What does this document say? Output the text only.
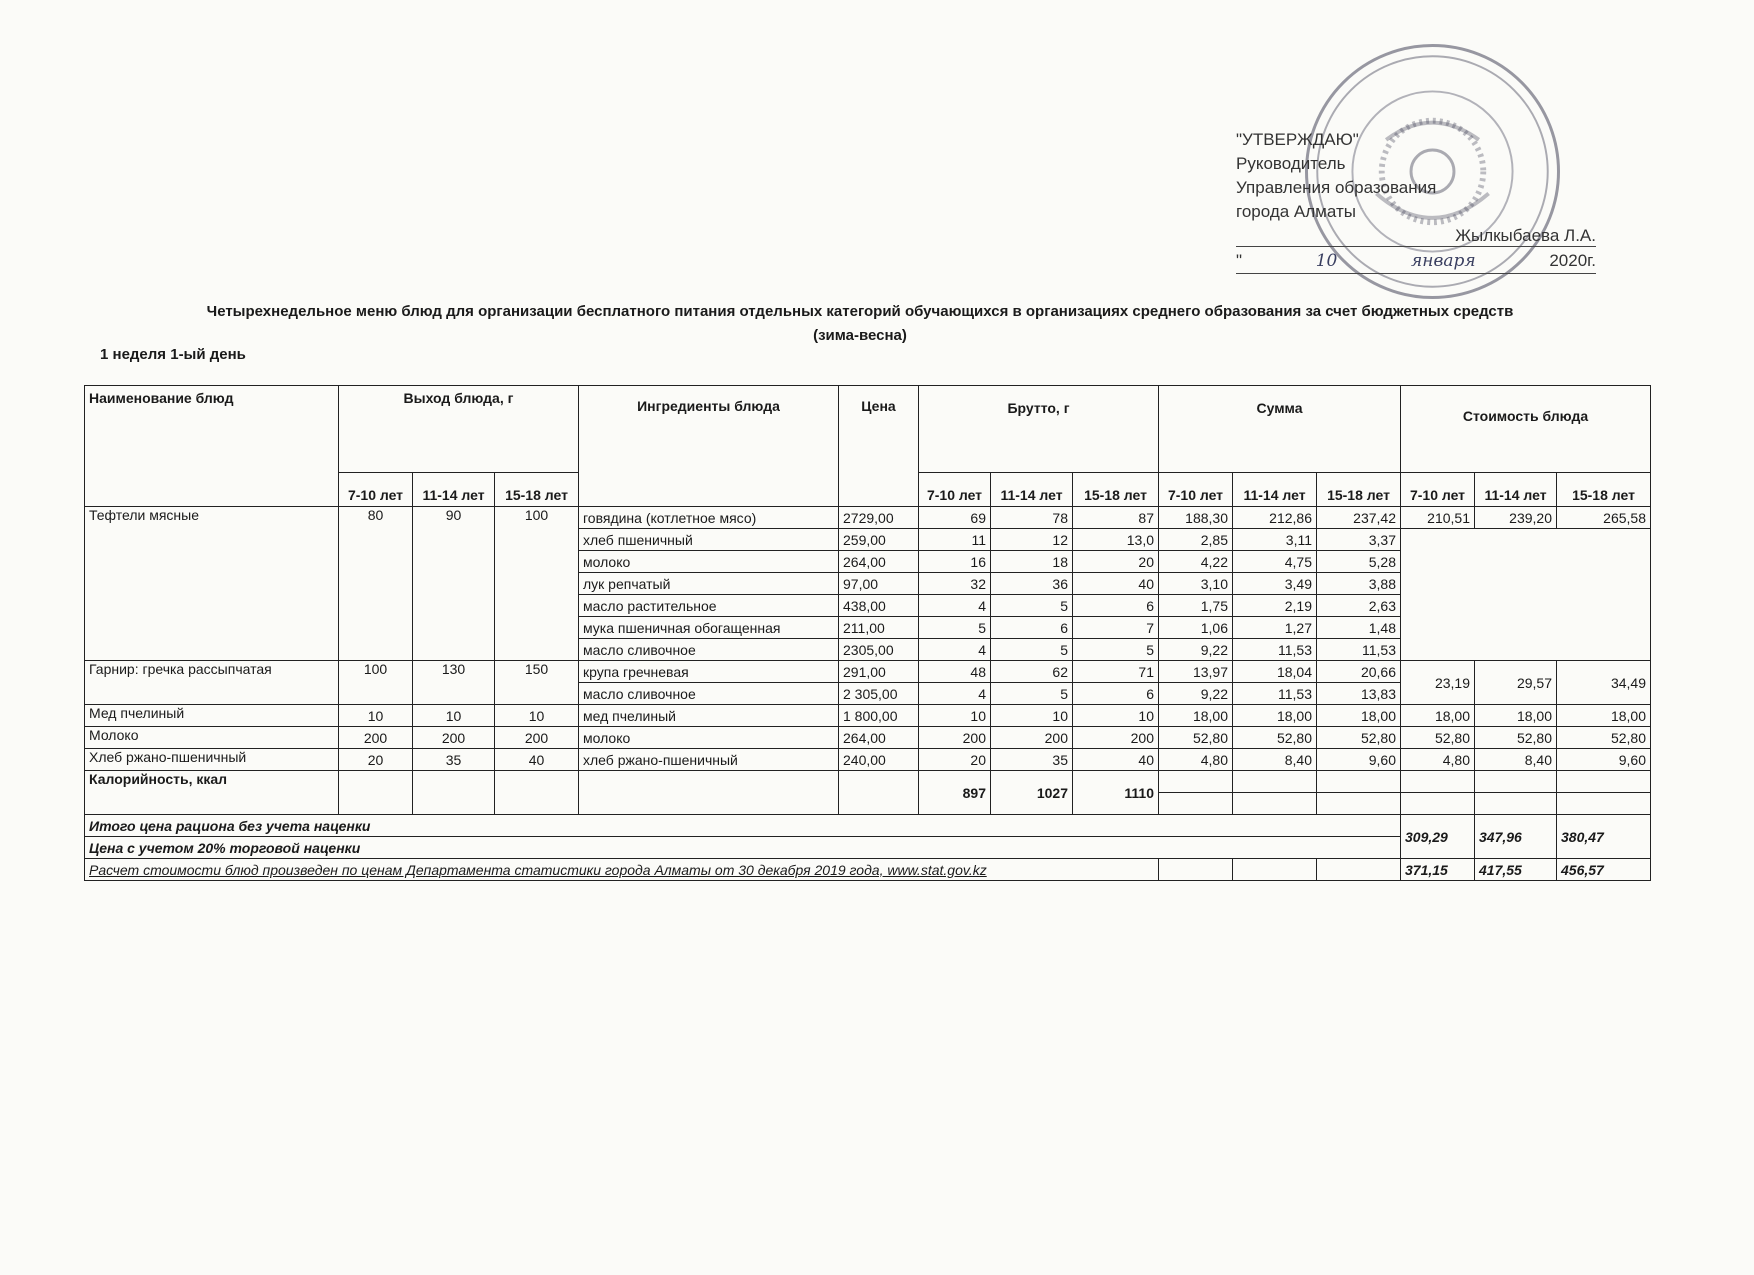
"УТВЕРЖДАЮ"
Руководитель
Управления образования
города Алматы
Жылкыбаева Л.А.
"	10	января	2020г.
Четырехнедельное меню блюд для организации бесплатного питания отдельных категорий обучающихся в организациях среднего образования за счет бюджетных средств
(зима-весна)
1 неделя 1-ый день
Наименование блюд	Выход блюда, г			Ингредиенты блюда	Цена	Брутто, г			Сумма			Стоимость блюда		
	7-10 лет	11-14 лет	15-18 лет			7-10 лет	11-14 лет	15-18 лет	7-10 лет	11-14 лет	15-18 лет	7-10 лет	11-14 лет	15-18 лет
Тефтели мясные	80	90	100	говядина (котлетное мясо)	2729,00	69	78	87	188,30	212,86	237,42	210,51	239,20	265,58
				хлеб пшеничный	259,00	11	12	13,0	2,85	3,11	3,37			
				молоко	264,00	16	18	20	4,22	4,75	5,28			
				лук репчатый	97,00	32	36	40	3,10	3,49	3,88			
				масло растительное	438,00	4	5	6	1,75	2,19	2,63			
				мука пшеничная обогащенная	211,00	5	6	7	1,06	1,27	1,48			
				масло сливочное	2305,00	4	5	5	9,22	11,53	11,53			
Гарнир: гречка рассыпчатая	100	130	150	крупа гречневая	291,00	48	62	71	13,97	18,04	20,66	23,19	29,57	34,49
				масло сливочное	2 305,00	4	5	6	9,22	11,53	13,83			
Мед пчелиный	10	10	10	мед пчелиный	1 800,00	10	10	10	18,00	18,00	18,00	18,00	18,00	18,00
Молоко	200	200	200	молоко	264,00	200	200	200	52,80	52,80	52,80	52,80	52,80	52,80
Хлеб ржано-пшеничный	20	35	40	хлеб ржано-пшеничный	240,00	20	35	40	4,80	8,40	9,60	4,80	8,40	9,60
Калорийность, ккал						897	1027	1110						

Итого цена рациона без учета наценки												309,29	347,96	380,47
Цена с учетом 20% торговой наценки														
Расчет стоимости блюд произведен по ценам Департамента статистики города Алматы от 30 декабря 2019 года, www.stat.gov.kz												371,15	417,55	456,57
